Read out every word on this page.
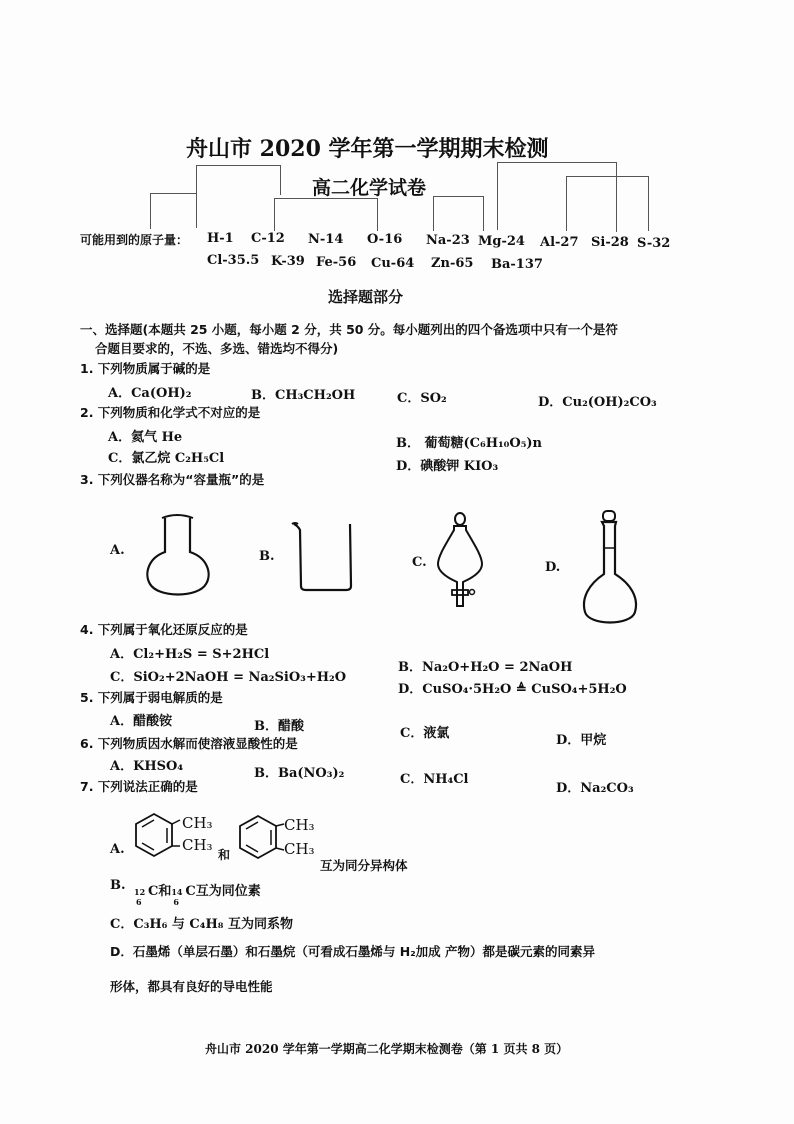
舟山市 2020 学年第一学期期末检测
高二化学试卷
可能用到的原子量： H-1 C-12 N-14 O-16 Na-23 Mg-24 Al-27 Si-28 S-32
Cl-35.5 K-39 Fe-56 Cu-64 Zn-65 Ba-137
选择题部分
一、选择题(本题共 25 小题，每小题 2 分，共 50 分。每小题列出的四个备选项中只有一个是符
合题目要求的，不选、多选、错选均不得分)
1. 下列物质属于碱的是
A．Ca(OH)₂	B．CH₃CH₂OH	C．SO₂	D．Cu₂(OH)₂CO₃
2. 下列物质和化学式不对应的是
A．氦气 He	B． 葡萄糖(C₆H₁₀O₅)n
C．氯乙烷 C₂H₅Cl
D．碘酸钾 KIO₃
3. 下列仪器名称为“容量瓶”的是
A.	B.	C.	D.
4. 下列属于氧化还原反应的是
A．Cl₂+H₂S = S+2HCl
B．Na₂O+H₂O = 2NaOH
C．SiO₂+2NaOH = Na₂SiO₃+H₂O
D．CuSO₄·5H₂O ≜ CuSO₄+5H₂O
5. 下列属于弱电解质的是
A．醋酸铵	B．醋酸	C．液氯	D．甲烷
6. 下列物质因水解而使溶液显酸性的是
A．KHSO₄	B．Ba(NO₃)₂	C．NH₄Cl
D．Na₂CO₃
7. 下列说法正确的是
A.
CH₃
CH₃
和
CH₃
CH₃
互为同分异构体
B. 12
6
C和 14
6
C互为同位素
C．C₃H₆ 与 C₄H₈ 互为同系物
D．石墨烯（单层石墨）和石墨烷（可看成石墨烯与 H₂加成 产物）都是碳元素的同素异
形体，都具有良好的导电性能
舟山市 2020 学年第一学期高二化学期末检测卷（第 1 页共 8 页）
